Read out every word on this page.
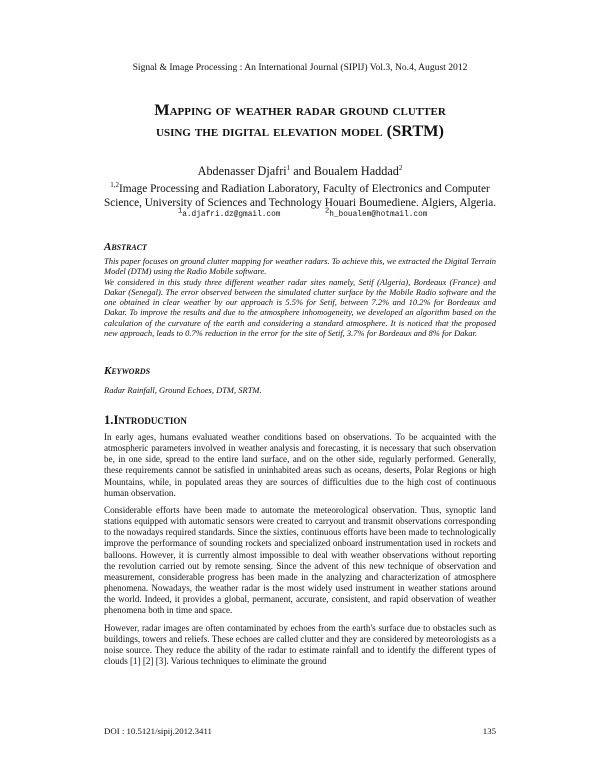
Signal & Image Processing : An International Journal (SIPIJ) Vol.3, No.4, August 2012
Mapping of weather radar ground clutter
using the digital elevation model (SRTM)
Abdenasser Djafri$^1$ and Boualem Haddad$^2$
$^{1,2}$Image Processing and Radiation Laboratory, Faculty of Electronics and Computer Science, University of Sciences and Technology Houari Boumediene. Algiers, Algeria.
$^1$a.djafri.dz@gmail.com	$^2$h_boualem@hotmail.com
Abstract

This paper focuses on ground clutter mapping for weather radars. To achieve this, we extracted the Digital Terrain Model (DTM) using the Radio Mobile software.

We considered in this study three different weather radar sites namely, Setif (Algeria), Bordeaux (France) and Dakar (Senegal). The error observed between the simulated clutter surface by the Mobile Radio software and the one obtained in clear weather by our approach is 5.5% for Setif, between 7.2% and 10.2% for Bordeaux and Dakar. To improve the results and due to the atmosphere inhomogeneity, we developed an algorithm based on the calculation of the curvature of the earth and considering a standard atmosphere. It is noticed that the proposed new approach, leads to 0.7% reduction in the error for the site of Setif, 3.7% for Bordeaux and 8% for Dakar.

Keywords
Radar Rainfall, Ground Echoes, DTM, SRTM.
1.Introduction

In early ages, humans evaluated weather conditions based on observations. To be acquainted with the atmospheric parameters involved in weather analysis and forecasting, it is necessary that such observation be, in one side, spread to the entire land surface, and on the other side, regularly performed. Generally, these requirements cannot be satisfied in uninhabited areas such as oceans, deserts, Polar Regions or high Mountains, while, in populated areas they are sources of difficulties due to the high cost of continuous human observation.

Considerable efforts have been made to automate the meteorological observation. Thus, synoptic land stations equipped with automatic sensors were created to carryout and transmit observations corresponding to the nowadays required standards. Since the sixties, continuous efforts have been made to technologically improve the performance of sounding rockets and specialized onboard instrumentation used in rockets and balloons. However, it is currently almost impossible to deal with weather observations without reporting the revolution carried out by remote sensing. Since the advent of this new technique of observation and measurement, considerable progress has been made in the analyzing and characterization of atmosphere phenomena. Nowadays, the weather radar is the most widely used instrument in weather stations around the world. Indeed, it provides a global, permanent, accurate, consistent, and rapid observation of weather phenomena both in time and space.

However, radar images are often contaminated by echoes from the earth's surface due to obstacles such as buildings, towers and reliefs. These echoes are called clutter and they are considered by meteorologists as a noise source. They reduce the ability of the radar to estimate rainfall and to identify the different types of clouds [1] [2] [3]. Various techniques to eliminate the ground

DOI : 10.5121/sipij.2012.3411	135
